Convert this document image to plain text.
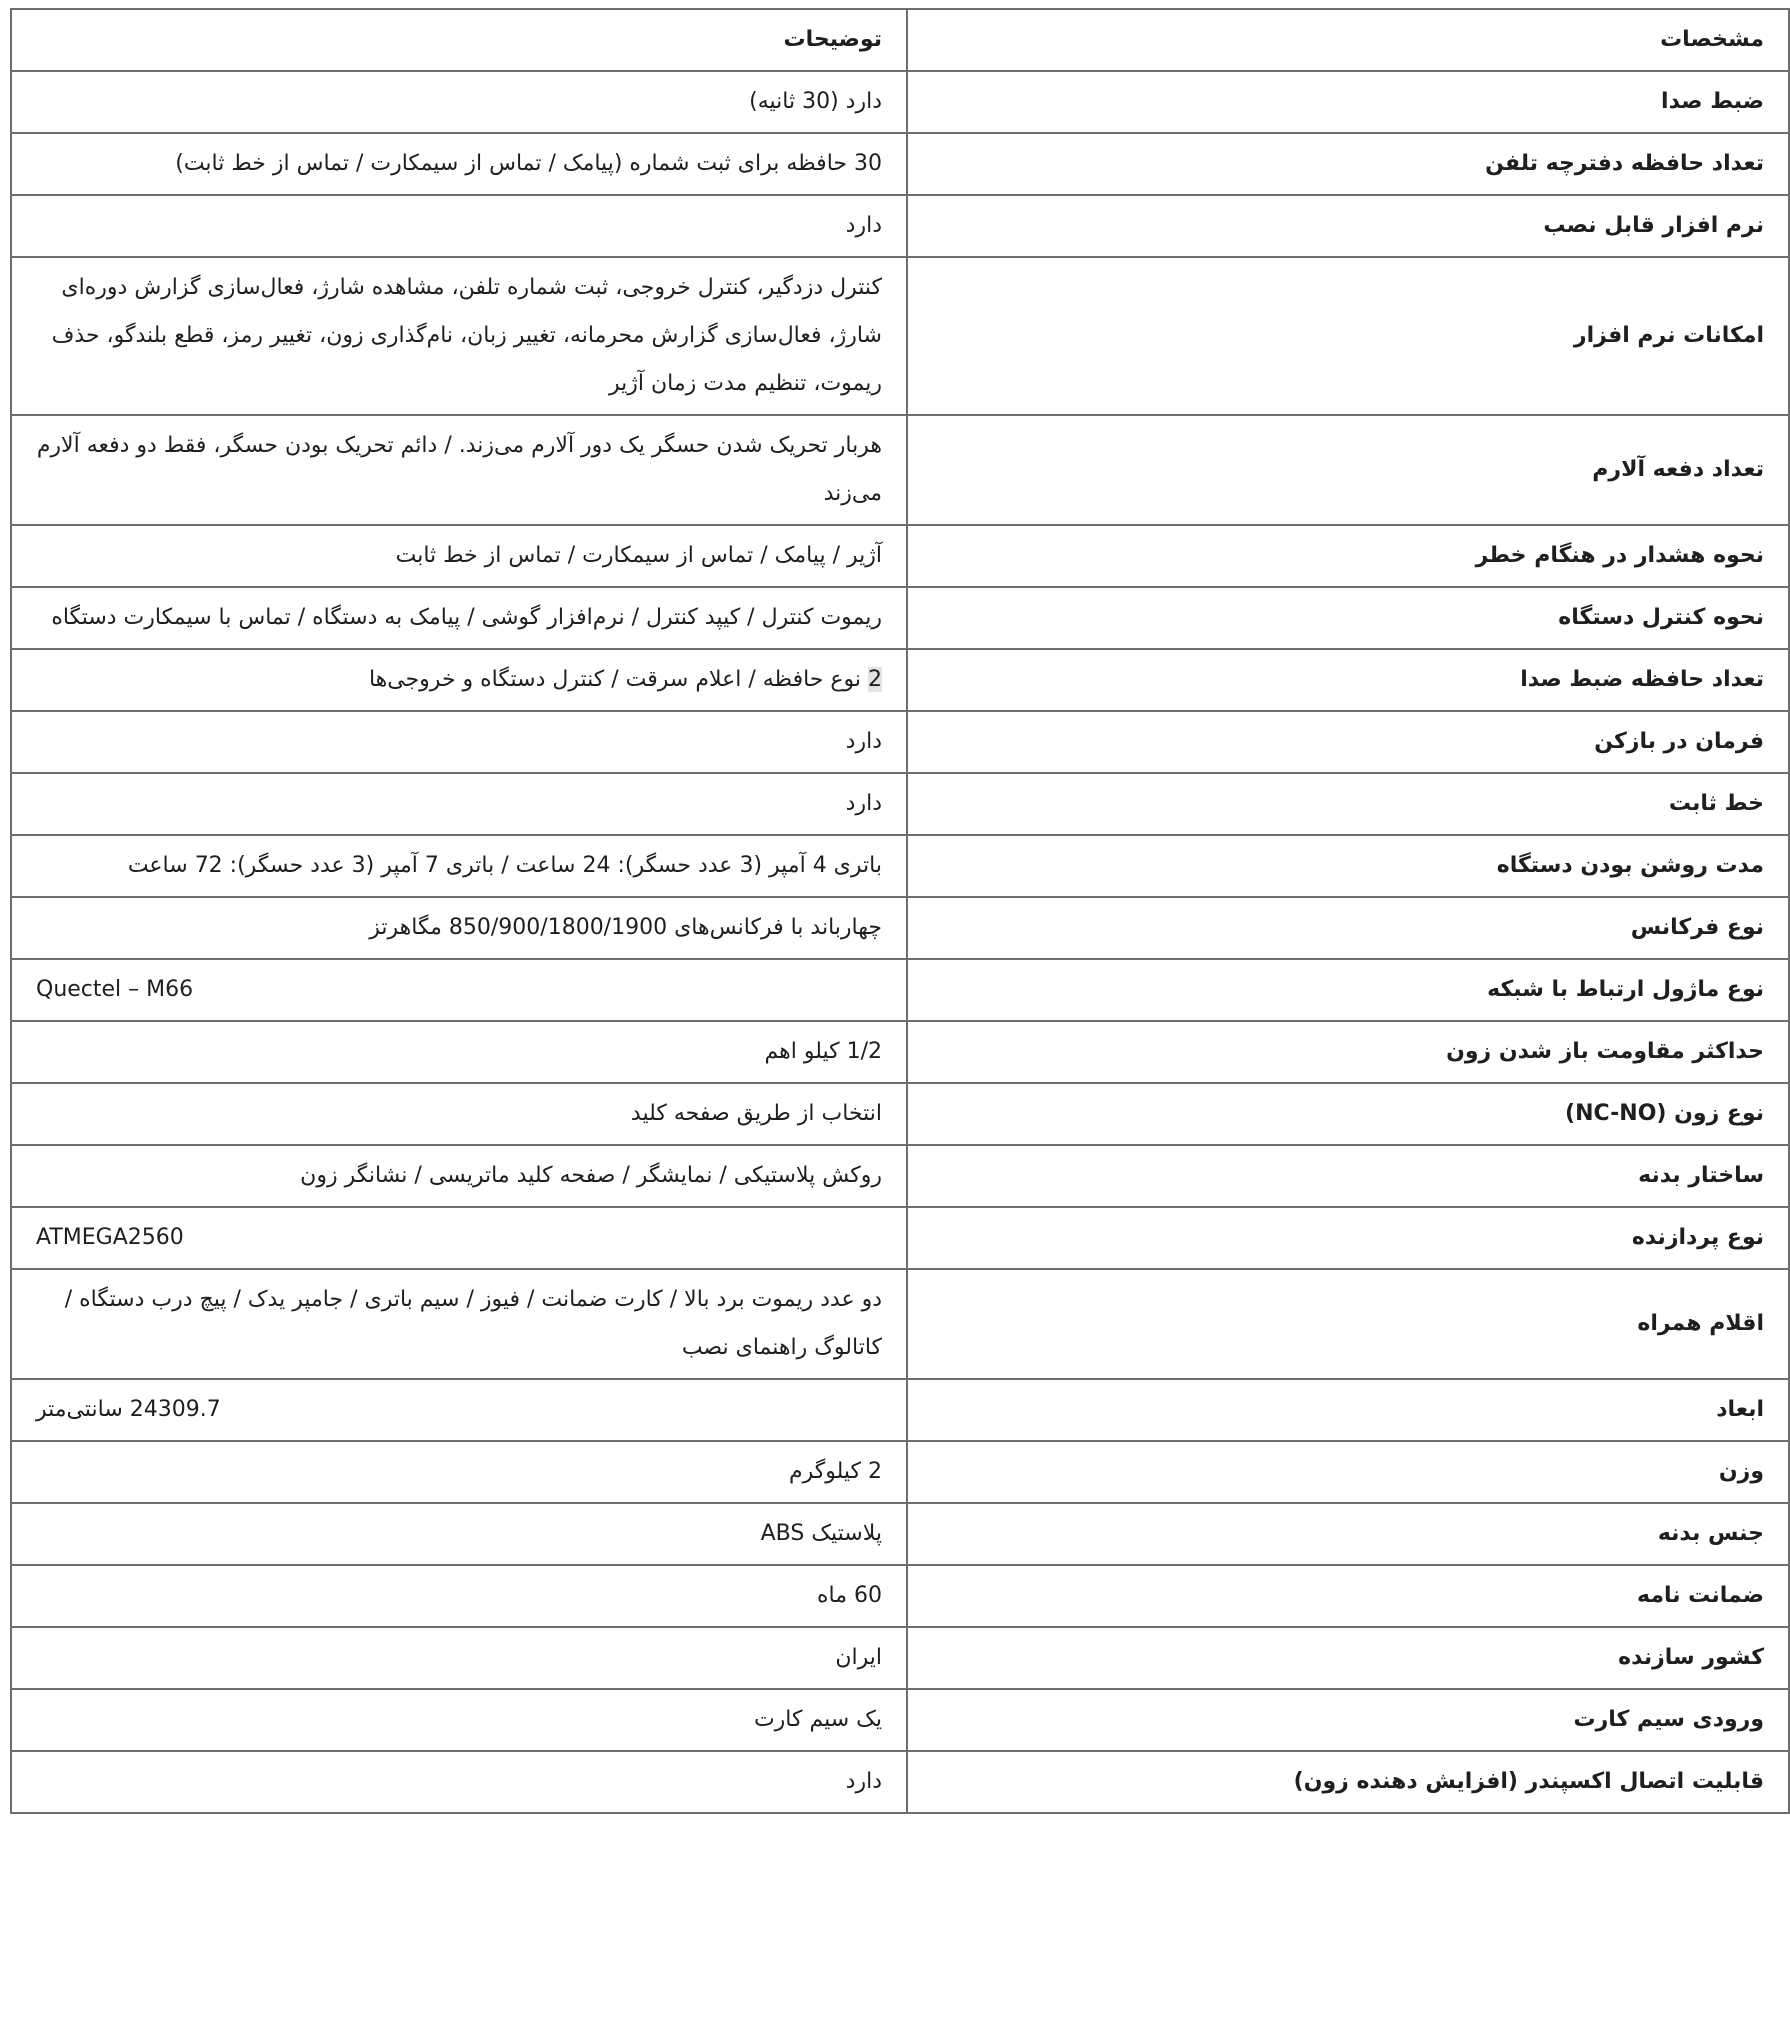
مشخصات	توضیحات
ضبط صدا	دارد (30 ثانیه)
تعداد حافظه دفترچه تلفن	30 حافظه برای ثبت شماره (پیامک / تماس از سیمکارت / تماس از خط ثابت)
نرم افزار قابل نصب	دارد
امکانات نرم افزار	کنترل دزدگیر، کنترل خروجی، ثبت شماره تلفن، مشاهده شارژ، فعال‌سازی گزارش دوره‌ای شارژ، فعال‌سازی گزارش محرمانه، تغییر زبان، نام‌گذاری زون، تغییر رمز، قطع بلندگو، حذف ریموت، تنظیم مدت زمان آژیر
تعداد دفعه آلارم	هربار تحریک شدن حسگر یک دور آلارم می‌زند. / دائم تحریک بودن حسگر، فقط دو دفعه آلارم می‌زند
نحوه هشدار در هنگام خطر	آژیر / پیامک / تماس از سیمکارت / تماس از خط ثابت
نحوه کنترل دستگاه	ریموت کنترل / کیپد کنترل / نرم‌افزار گوشی / پیامک به دستگاه / تماس با سیمکارت دستگاه
تعداد حافظه ضبط صدا	2 نوع حافظه / اعلام سرقت / کنترل دستگاه و خروجی‌ها
فرمان در بازکن	دارد
خط ثابت	دارد
مدت روشن بودن دستگاه	باتری 4 آمپر (3 عدد حسگر): 24 ساعت / باتری 7 آمپر (3 عدد حسگر): 72 ساعت
نوع فرکانس	چهارباند با فرکانس‌های 850/900/1800/1900 مگاهرتز
نوع ماژول ارتباط با شبکه	Quectel – M66
حداکثر مقاومت باز شدن زون	1/2 کیلو اهم
نوع زون (NC-NO)	انتخاب از طریق صفحه کلید
ساختار بدنه	روکش پلاستیکی / نمایشگر / صفحه کلید ماتریسی / نشانگر زون
نوع پردازنده	ATMEGA2560
اقلام همراه	دو عدد ریموت برد بالا / کارت ضمانت / فیوز / سیم باتری / جامپر یدک / پیچ درب دستگاه / کاتالوگ راهنمای نصب
ابعاد	24309.7 سانتی‌متر
وزن	2 کیلوگرم
جنس بدنه	پلاستیک ABS
ضمانت نامه	60 ماه
کشور سازنده	ایران
ورودی سیم کارت	یک سیم کارت
قابلیت اتصال اکسپندر (افزایش دهنده زون)	دارد
